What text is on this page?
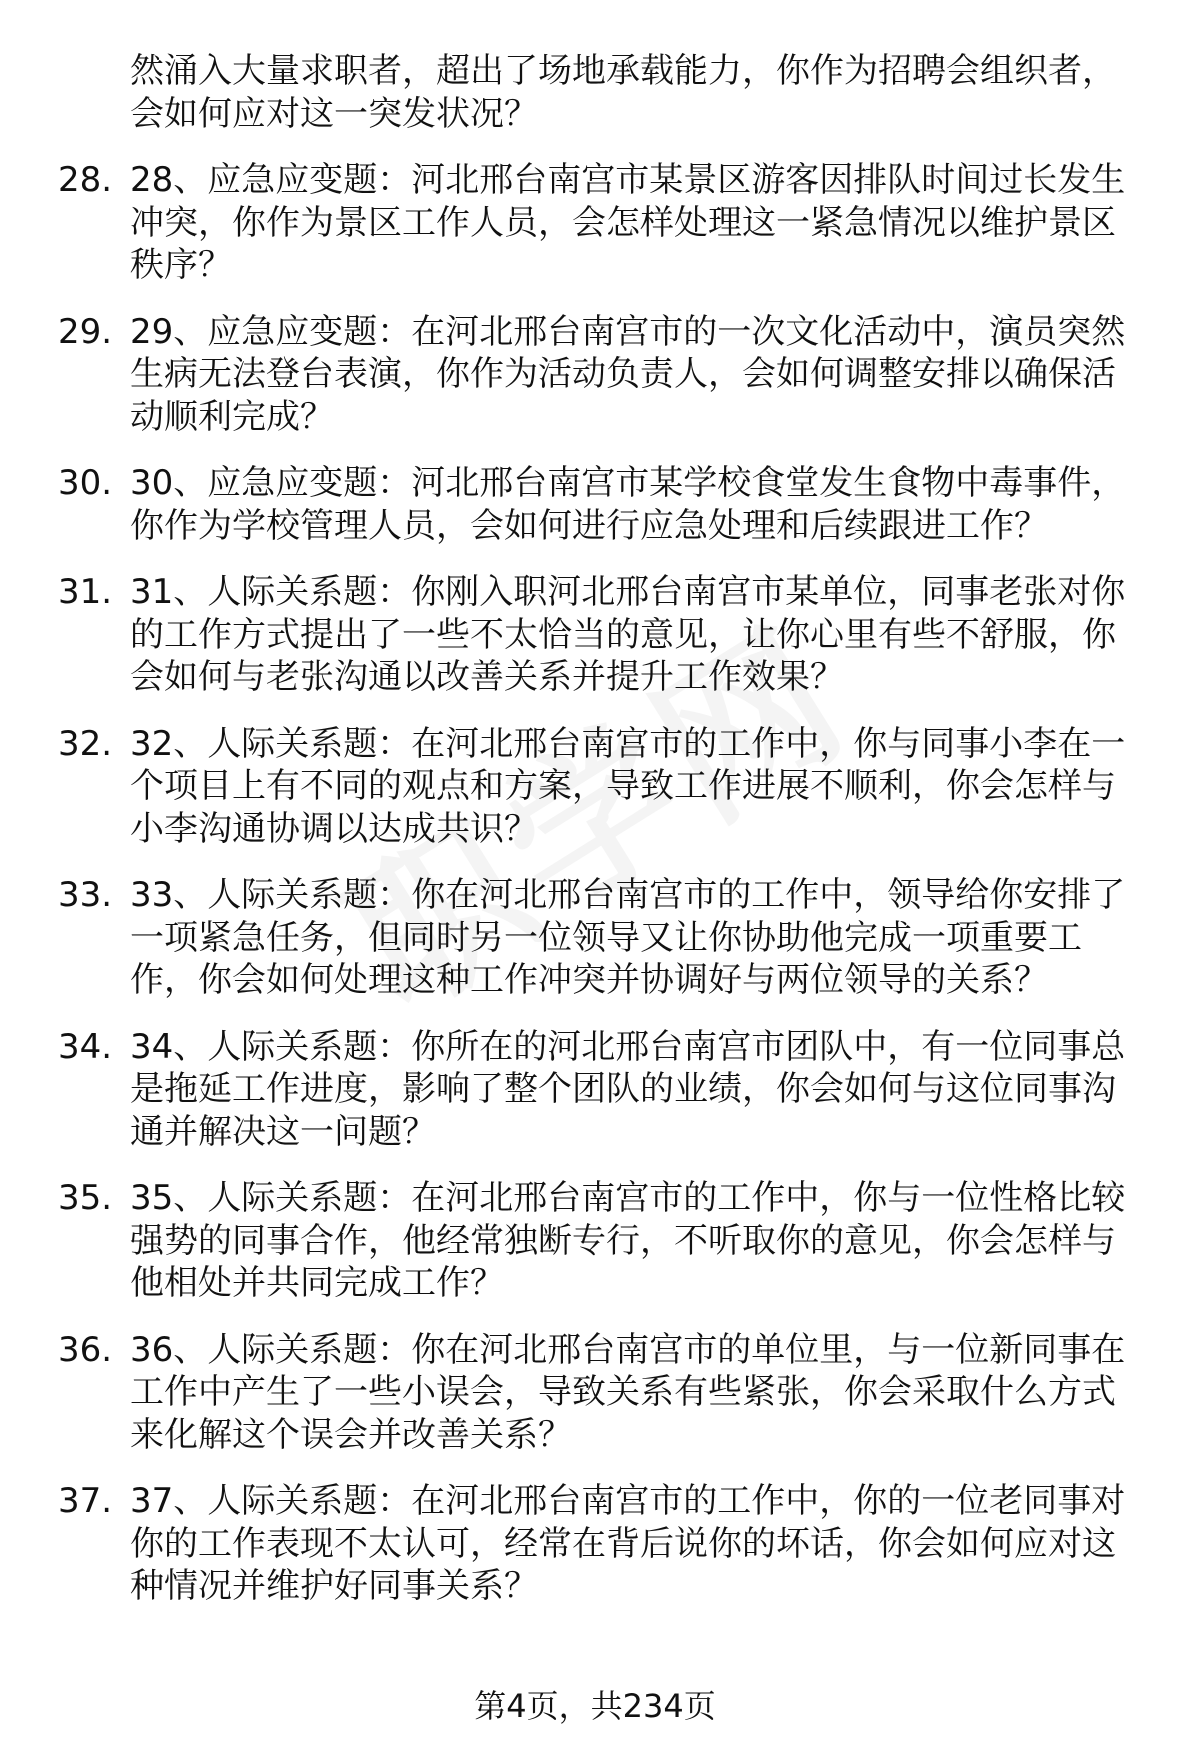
然涌入大量求职者，超出了场地承载能力，你作为招聘会组织者，会如何应对这一突发状况？
28. 28、应急应变题：河北邢台南宫市某景区游客因排队时间过长发生冲突，你作为景区工作人员，会怎样处理这一紧急情况以维护景区秩序？
29. 29、应急应变题：在河北邢台南宫市的一次文化活动中，演员突然生病无法登台表演，你作为活动负责人，会如何调整安排以确保活动顺利完成？
30. 30、应急应变题：河北邢台南宫市某学校食堂发生食物中毒事件，你作为学校管理人员，会如何进行应急处理和后续跟进工作？
31. 31、人际关系题：你刚入职河北邢台南宫市某单位，同事老张对你的工作方式提出了一些不太恰当的意见，让你心里有些不舒服，你会如何与老张沟通以改善关系并提升工作效果？
32. 32、人际关系题：在河北邢台南宫市的工作中，你与同事小李在一个项目上有不同的观点和方案，导致工作进展不顺利，你会怎样与小李沟通协调以达成共识？
33. 33、人际关系题：你在河北邢台南宫市的工作中，领导给你安排了一项紧急任务，但同时另一位领导又让你协助他完成一项重要工作，你会如何处理这种工作冲突并协调好与两位领导的关系？
34. 34、人际关系题：你所在的河北邢台南宫市团队中，有一位同事总是拖延工作进度，影响了整个团队的业绩，你会如何与这位同事沟通并解决这一问题？
35. 35、人际关系题：在河北邢台南宫市的工作中，你与一位性格比较强势的同事合作，他经常独断专行，不听取你的意见，你会怎样与他相处并共同完成工作？
36. 36、人际关系题：你在河北邢台南宫市的单位里，与一位新同事在工作中产生了一些小误会，导致关系有些紧张，你会采取什么方式来化解这个误会并改善关系？
37. 37、人际关系题：在河北邢台南宫市的工作中，你的一位老同事对你的工作表现不太认可，经常在背后说你的坏话，你会如何应对这种情况并维护好同事关系？
第4页，共234页
